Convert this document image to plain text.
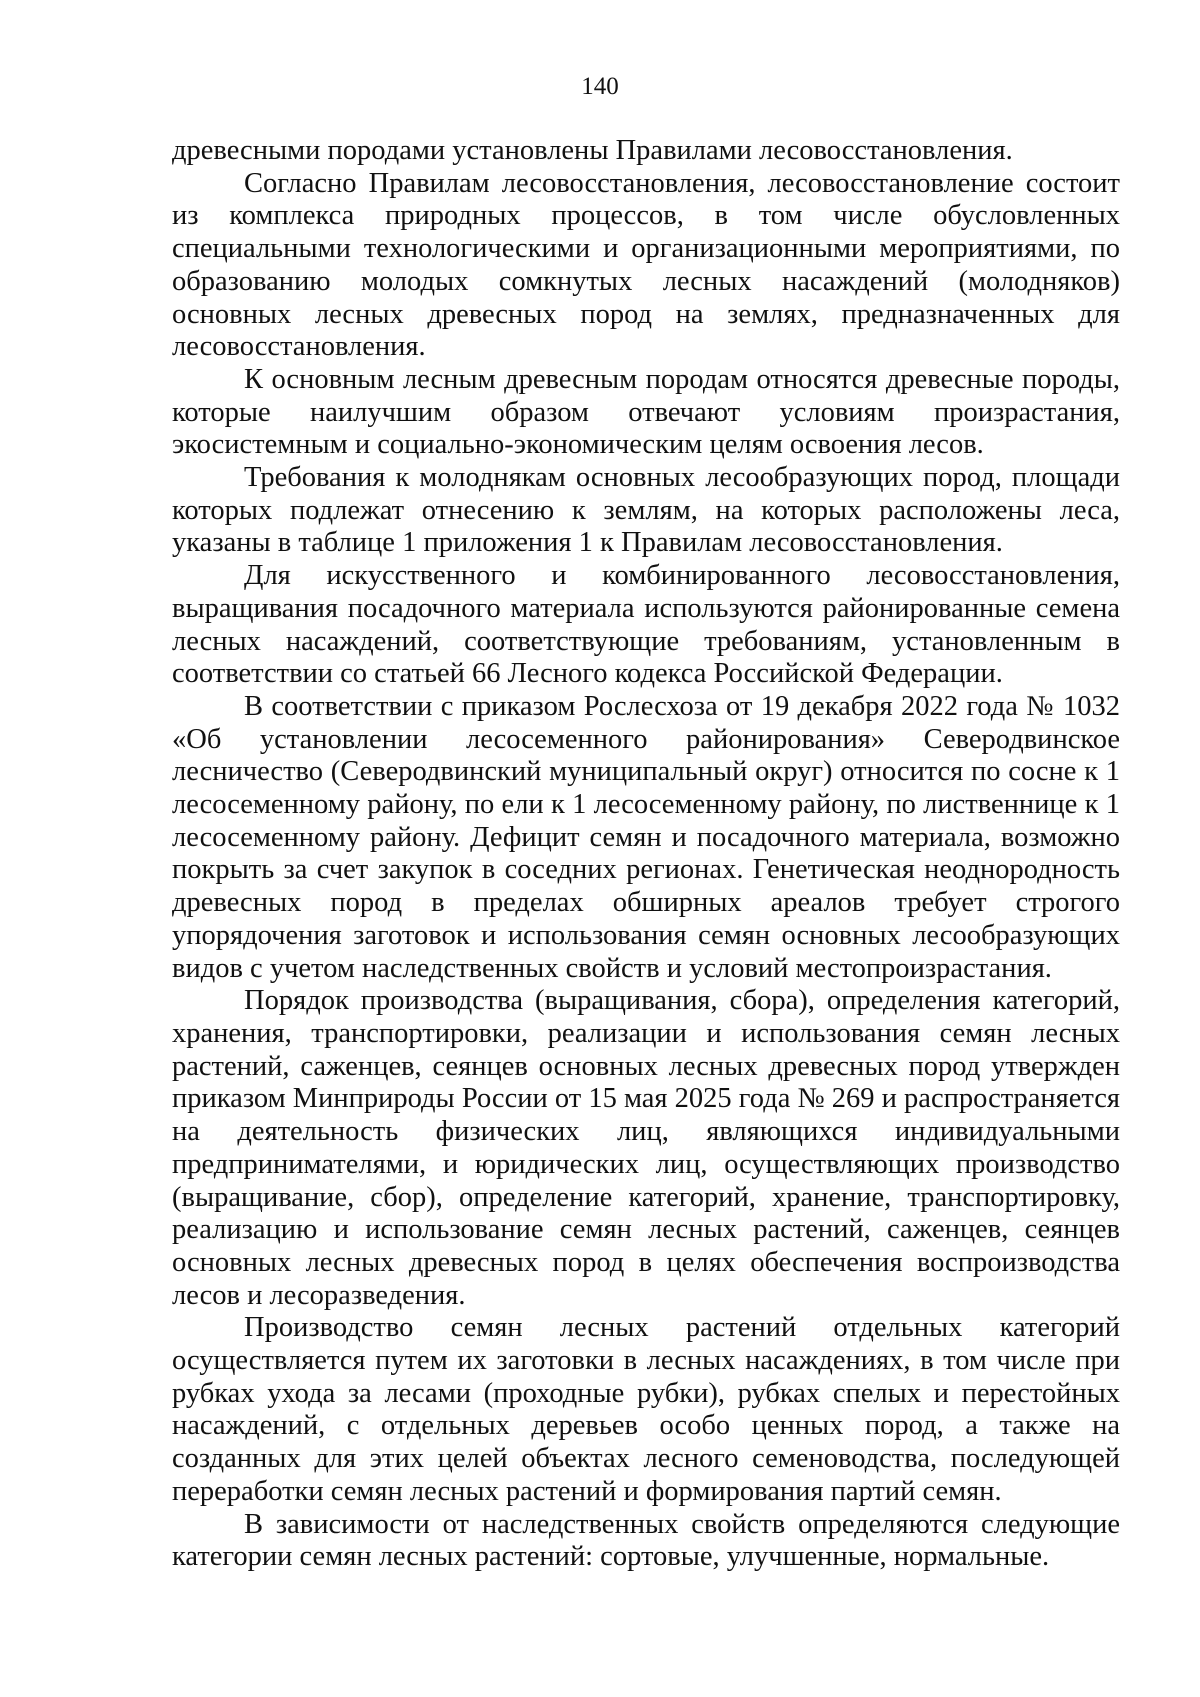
140

древесными породами установлены Правилами лесовосстановления.

Согласно Правилам лесовосстановления, лесовосстановление состоит из комплекса природных процессов, в том числе обусловленных специальными технологическими и организационными мероприятиями, по образованию молодых сомкнутых лесных насаждений (молодняков) основных лесных древесных пород на землях, предназначенных для лесовосстановления.

К основным лесным древесным породам относятся древесные породы, которые наилучшим образом отвечают условиям произрастания, экосистемным и социально-экономическим целям освоения лесов.

Требования к молоднякам основных лесообразующих пород, площади которых подлежат отнесению к землям, на которых расположены леса, указаны в таблице 1 приложения 1 к Правилам лесовосстановления.

Для искусственного и комбинированного лесовосстановления, выращивания посадочного материала используются районированные семена лесных насаждений, соответствующие требованиям, установленным в соответствии со статьей 66 Лесного кодекса Российской Федерации.

В соответствии с приказом Рослесхоза от 19 декабря 2022 года № 1032 «Об установлении лесосеменного районирования» Северодвинское лесничество (Северодвинский муниципальный округ) относится по сосне к 1 лесосеменному району, по ели к 1 лесосеменному району, по лиственнице к 1 лесосеменному району. Дефицит семян и посадочного материала, возможно покрыть за счет закупок в соседних регионах. Генетическая неоднородность древесных пород в пределах обширных ареалов требует строгого упорядочения заготовок и использования семян основных лесообразующих видов с учетом наследственных свойств и условий местопроизрастания.

Порядок производства (выращивания, сбора), определения категорий, хранения, транспортировки, реализации и использования семян лесных растений, саженцев, сеянцев основных лесных древесных пород утвержден приказом Минприроды России от 15 мая 2025 года № 269 и распространяется на деятельность физических лиц, являющихся индивидуальными предпринимателями, и юридических лиц, осуществляющих производство (выращивание, сбор), определение категорий, хранение, транспортировку, реализацию и использование семян лесных растений, саженцев, сеянцев основных лесных древесных пород в целях обеспечения воспроизводства лесов и лесоразведения.

Производство семян лесных растений отдельных категорий осуществляется путем их заготовки в лесных насаждениях, в том числе при рубках ухода за лесами (проходные рубки), рубках спелых и перестойных насаждений, с отдельных деревьев особо ценных пород, а также на созданных для этих целей объектах лесного семеноводства, последующей переработки семян лесных растений и формирования партий семян.

В зависимости от наследственных свойств определяются следующие категории семян лесных растений: сортовые, улучшенные, нормальные.
